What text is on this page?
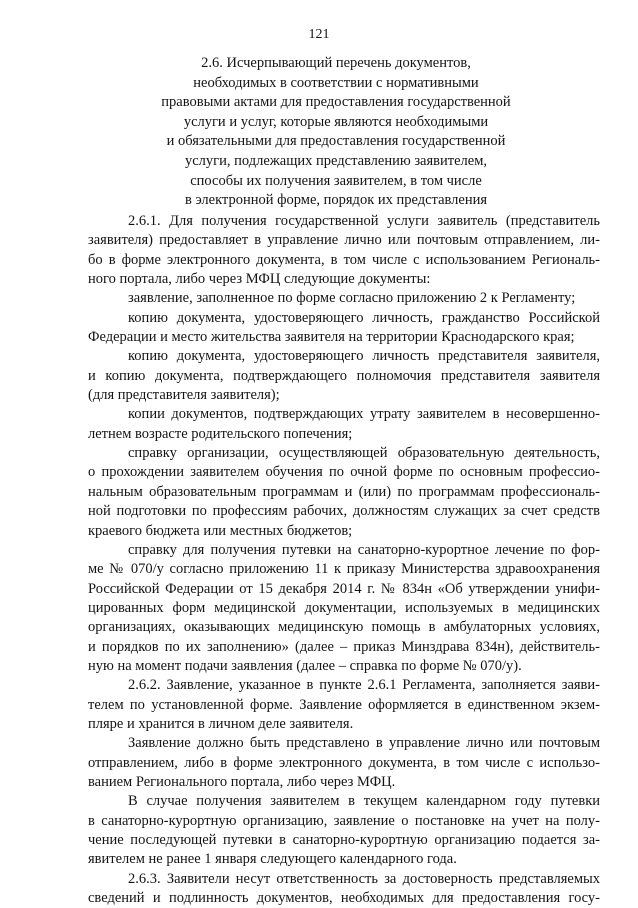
121
2.6. Исчерпывающий перечень документов,
необходимых в соответствии с нормативными
правовыми актами для предоставления государственной
услуги и услуг, которые являются необходимыми
и обязательными для предоставления государственной
услуги, подлежащих представлению заявителем,
способы их получения заявителем, в том числе
в электронной форме, порядок их представления
2.6.1. Для получения государственной услуги заявитель (представитель
заявителя) предоставляет в управление лично или почтовым отправлением, ли-
бо в форме электронного документа, в том числе с использованием Региональ-
ного портала, либо через МФЦ следующие документы:
заявление, заполненное по форме согласно приложению 2 к Регламенту;
копию документа, удостоверяющего личность, гражданство Российской
Федерации и место жительства заявителя на территории Краснодарского края;
копию документа, удостоверяющего личность представителя заявителя,
и копию документа, подтверждающего полномочия представителя заявителя
(для представителя заявителя);
копии документов, подтверждающих утрату заявителем в несовершенно-
летнем возрасте родительского попечения;
справку организации, осуществляющей образовательную деятельность,
о прохождении заявителем обучения по очной форме по основным профессио-
нальным образовательным программам и (или) по программам профессиональ-
ной подготовки по профессиям рабочих, должностям служащих за счет средств
краевого бюджета или местных бюджетов;
справку для получения путевки на санаторно-курортное лечение по фор-
ме № 070/у согласно приложению 11 к приказу Министерства здравоохранения
Российской Федерации от 15 декабря 2014 г. № 834н «Об утверждении унифи-
цированных форм медицинской документации, используемых в медицинских
организациях, оказывающих медицинскую помощь в амбулаторных условиях,
и порядков по их заполнению» (далее – приказ Минздрава 834н), действитель-
ную на момент подачи заявления (далее – справка по форме № 070/у).
2.6.2. Заявление, указанное в пункте 2.6.1 Регламента, заполняется заяви-
телем по установленной форме. Заявление оформляется в единственном экзем-
пляре и хранится в личном деле заявителя.
Заявление должно быть представлено в управление лично или почтовым
отправлением, либо в форме электронного документа, в том числе с использо-
ванием Регионального портала, либо через МФЦ.
В случае получения заявителем в текущем календарном году путевки
в санаторно-курортную организацию, заявление о постановке на учет на полу-
чение последующей путевки в санаторно-курортную организацию подается за-
явителем не ранее 1 января следующего календарного года.
2.6.3. Заявители несут ответственность за достоверность представляемых
сведений и подлинность документов, необходимых для предоставления госу-
